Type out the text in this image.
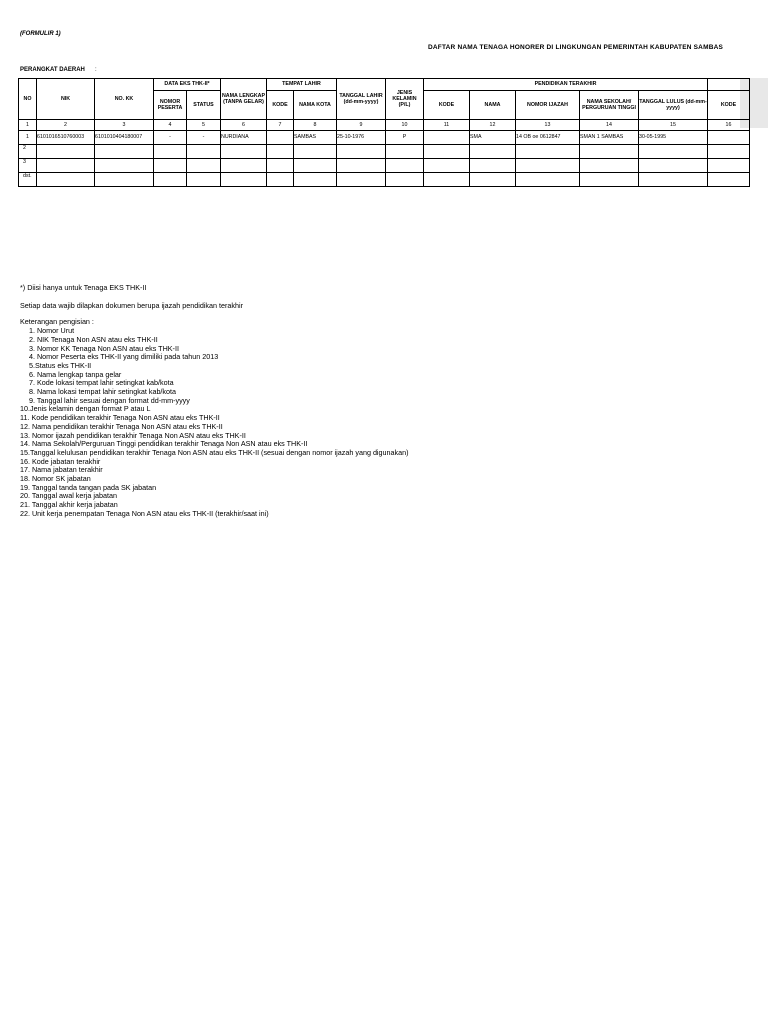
(FORMULIR 1)
DAFTAR NAMA TENAGA HONORER DI LINGKUNGAN PEMERINTAH KABUPATEN SAMBAS
PERANGKAT DAERAH :
NO	NIK	NO. KK	DATA EKS THK-II*		NAMA LENGKAP (TANPA GELAR)	TEMPAT LAHIR		TANGGAL LAHIR (dd-mm-yyyy)	JENIS KELAMIN (P/L)	PENDIDIKAN TERAKHIR					
			NOMOR PESERTA	STATUS		KODE	NAMA KOTA			KODE	NAMA	NOMOR IJAZAH	NAMA SEKOLAH/ PERGURUAN TINGGI	TANGGAL LULUS (dd-mm-yyyy)	KODE
1	2	3	4	5	6	7	8	9	10	11	12	13	14	15	16
1	6101016510760003	6101010404180007	-	-	NURDIANA		SAMBAS	25-10-1976	P		SMA	14 OB oe 0612847	SMAN 1 SAMBAS	30-05-1995	
2															
3															
dst.															
*) Diisi hanya untuk Tenaga EKS THK-II
Setiap data wajib dilapkan dokumen berupa ijazah pendidikan terakhir
Keterangan pengisian :
1. Nomor Urut
2. NIK Tenaga Non ASN atau eks THK-II
3. Nomor KK Tenaga Non ASN atau eks THK-II
4. Nomor Peserta eks THK-II yang dimiliki pada tahun 2013
5.Status eks THK-II
6. Nama lengkap tanpa gelar
7. Kode lokasi tempat lahir setingkat kab/kota
8. Nama lokasi tempat lahir setingkat kab/kota
9. Tanggal lahir sesuai dengan format dd-mm-yyyy
10.Jenis kelamin dengan format P atau L
11. Kode pendidikan terakhir Tenaga Non ASN atau eks THK-II
12. Nama pendidikan terakhir Tenaga Non ASN atau eks THK-II
13. Nomor ijazah pendidikan terakhir Tenaga Non ASN atau eks THK-II
14. Nama Sekolah/Perguruan Tinggi pendidikan terakhir Tenaga Non ASN atau eks THK-II
15.Tanggal kelulusan pendidikan terakhir Tenaga Non ASN atau eks THK-II (sesuai dengan nomor ijazah yang digunakan)
16. Kode jabatan terakhir
17. Nama jabatan terakhir
18. Nomor SK jabatan
19. Tanggal tanda tangan pada SK jabatan
20. Tanggal awal kerja jabatan
21. Tanggal akhir kerja jabatan
22. Unit kerja penempatan Tenaga Non ASN atau eks THK-II (terakhir/saat ini)
